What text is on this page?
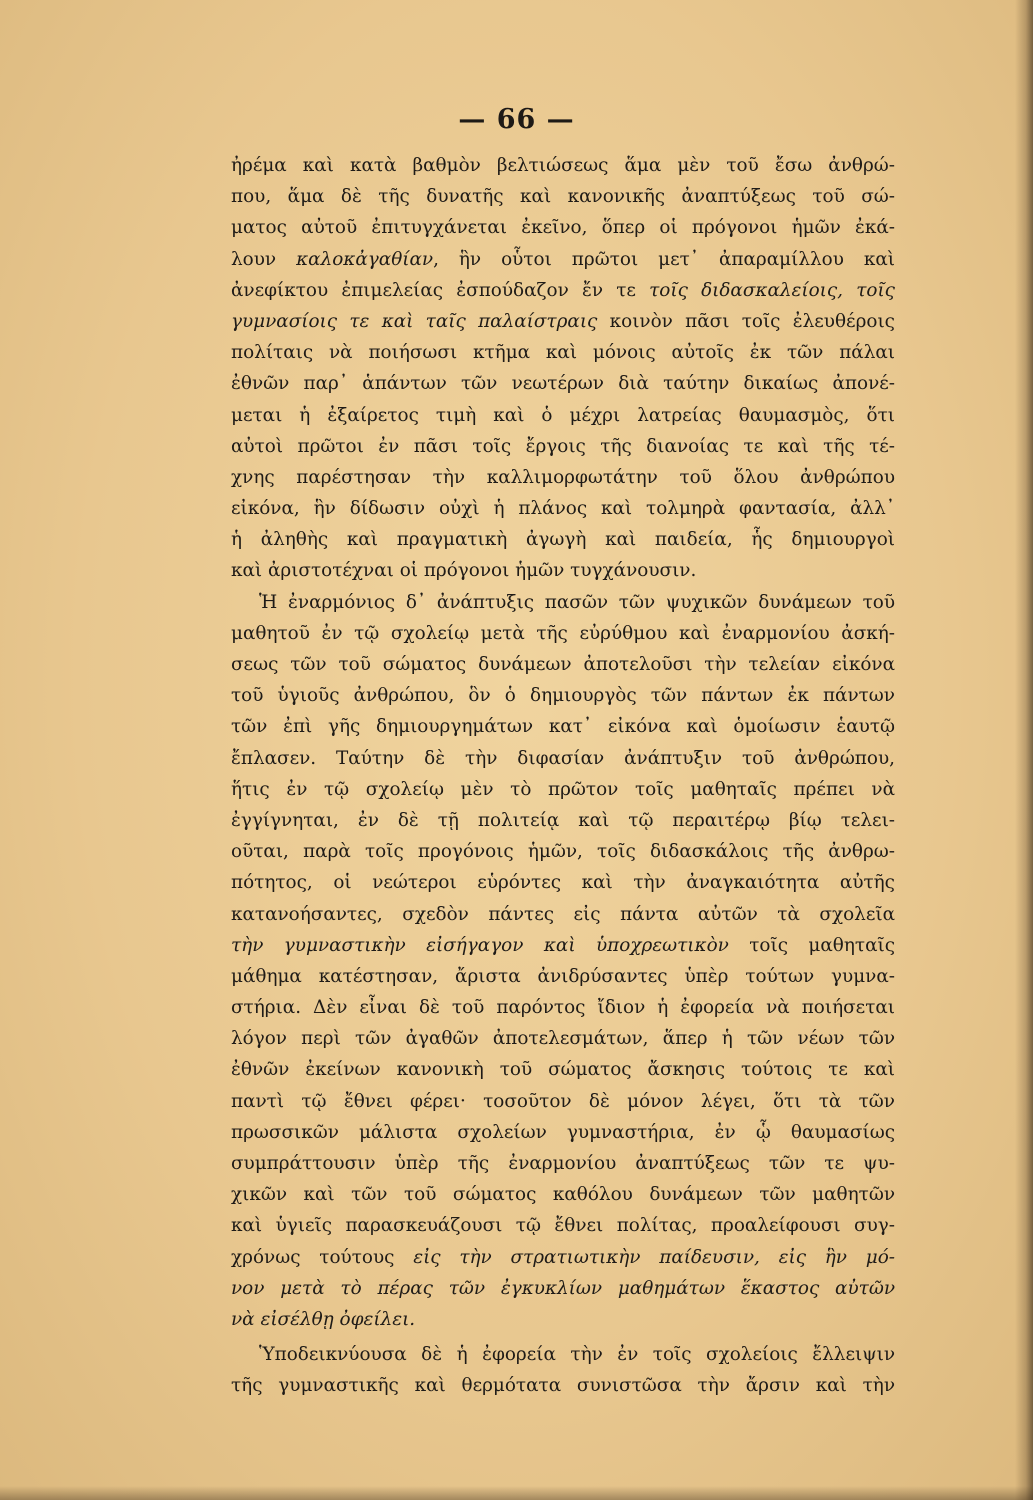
— 66 —
ἠρέμα καὶ κατὰ βαθμὸν βελτιώσεως ἅμα μὲν τοῦ ἔσω ἀνθρώ-
που, ἅμα δὲ τῆς δυνατῆς καὶ κανονικῆς ἀναπτύξεως τοῦ σώ-
ματος αὐτοῦ ἐπιτυγχάνεται ἐκεῖνο, ὅπερ οἱ πρόγονοι ἡμῶν ἐκά-
λουν καλοκἀγαθίαν, ἣν οὗτοι πρῶτοι μετ᾽ ἀπαραμίλλου καὶ
ἀνεφίκτου ἐπιμελείας ἐσπούδαζον ἔν τε τοῖς διδασκαλείοις, τοῖς
γυμνασίοις τε καὶ ταῖς παλαίστραις κοινὸν πᾶσι τοῖς ἐλευθέροις
πολίταις νὰ ποιήσωσι κτῆμα καὶ μόνοις αὐτοῖς ἐκ τῶν πάλαι
ἐθνῶν παρ᾽ ἁπάντων τῶν νεωτέρων διὰ ταύτην δικαίως ἀπονέ-
μεται ἡ ἐξαίρετος τιμὴ καὶ ὁ μέχρι λατρείας θαυμασμὸς, ὅτι
αὐτοὶ πρῶτοι ἐν πᾶσι τοῖς ἔργοις τῆς διανοίας τε καὶ τῆς τέ-
χνης παρέστησαν τὴν καλλιμορφωτάτην τοῦ ὅλου ἀνθρώπου
εἰκόνα, ἣν δίδωσιν οὐχὶ ἡ πλάνος καὶ τολμηρὰ φαντασία, ἀλλ᾽
ἡ ἀληθὴς καὶ πραγματικὴ ἀγωγὴ καὶ παιδεία, ἧς δημιουργοὶ
καὶ ἀριστοτέχναι οἱ πρόγονοι ἡμῶν τυγχάνουσιν.
Ἡ ἐναρμόνιος δ᾽ ἀνάπτυξις πασῶν τῶν ψυχικῶν δυνάμεων τοῦ
μαθητοῦ ἐν τῷ σχολείῳ μετὰ τῆς εὐρύθμου καὶ ἐναρμονίου ἀσκή-
σεως τῶν τοῦ σώματος δυνάμεων ἀποτελοῦσι τὴν τελείαν εἰκόνα
τοῦ ὑγιοῦς ἀνθρώπου, ὃν ὁ δημιουργὸς τῶν πάντων ἐκ πάντων
τῶν ἐπὶ γῆς δημιουργημάτων κατ᾽ εἰκόνα καὶ ὁμοίωσιν ἑαυτῷ
ἔπλασεν. Ταύτην δὲ τὴν διφασίαν ἀνάπτυξιν τοῦ ἀνθρώπου,
ἥτις ἐν τῷ σχολείῳ μὲν τὸ πρῶτον τοῖς μαθηταῖς πρέπει νὰ
ἐγγίγνηται, ἐν δὲ τῇ πολιτείᾳ καὶ τῷ περαιτέρῳ βίῳ τελει-
οῦται, παρὰ τοῖς προγόνοις ἡμῶν, τοῖς διδασκάλοις τῆς ἀνθρω-
πότητος, οἱ νεώτεροι εὑρόντες καὶ τὴν ἀναγκαιότητα αὐτῆς
κατανοήσαντες, σχεδὸν πάντες εἰς πάντα αὐτῶν τὰ σχολεῖα
τὴν γυμναστικὴν εἰσήγαγον καὶ ὑποχρεωτικὸν τοῖς μαθηταῖς
μάθημα κατέστησαν, ἄριστα ἀνιδρύσαντες ὑπὲρ τούτων γυμνα-
στήρια. Δὲν εἶναι δὲ τοῦ παρόντος ἴδιον ἡ ἐφορεία νὰ ποιήσεται
λόγον περὶ τῶν ἀγαθῶν ἀποτελεσμάτων, ἅπερ ἡ τῶν νέων τῶν
ἐθνῶν ἐκείνων κανονικὴ τοῦ σώματος ἄσκησις τούτοις τε καὶ
παντὶ τῷ ἔθνει φέρει· τοσοῦτον δὲ μόνον λέγει, ὅτι τὰ τῶν
πρωσσικῶν μάλιστα σχολείων γυμναστήρια, ἐν ᾧ θαυμασίως
συμπράττουσιν ὑπὲρ τῆς ἐναρμονίου ἀναπτύξεως τῶν τε ψυ-
χικῶν καὶ τῶν τοῦ σώματος καθόλου δυνάμεων τῶν μαθητῶν
καὶ ὑγιεῖς παρασκευάζουσι τῷ ἔθνει πολίτας, προαλείφουσι συγ-
χρόνως τούτους εἰς τὴν στρατιωτικὴν παίδευσιν, εἰς ἣν μό-
νον μετὰ τὸ πέρας τῶν ἐγκυκλίων μαθημάτων ἕκαστος αὐτῶν
νὰ εἰσέλθῃ ὀφείλει.
Ὑποδεικνύουσα δὲ ἡ ἐφορεία τὴν ἐν τοῖς σχολείοις ἔλλειψιν
τῆς γυμναστικῆς καὶ θερμότατα συνιστῶσα τὴν ἄρσιν καὶ τὴν
